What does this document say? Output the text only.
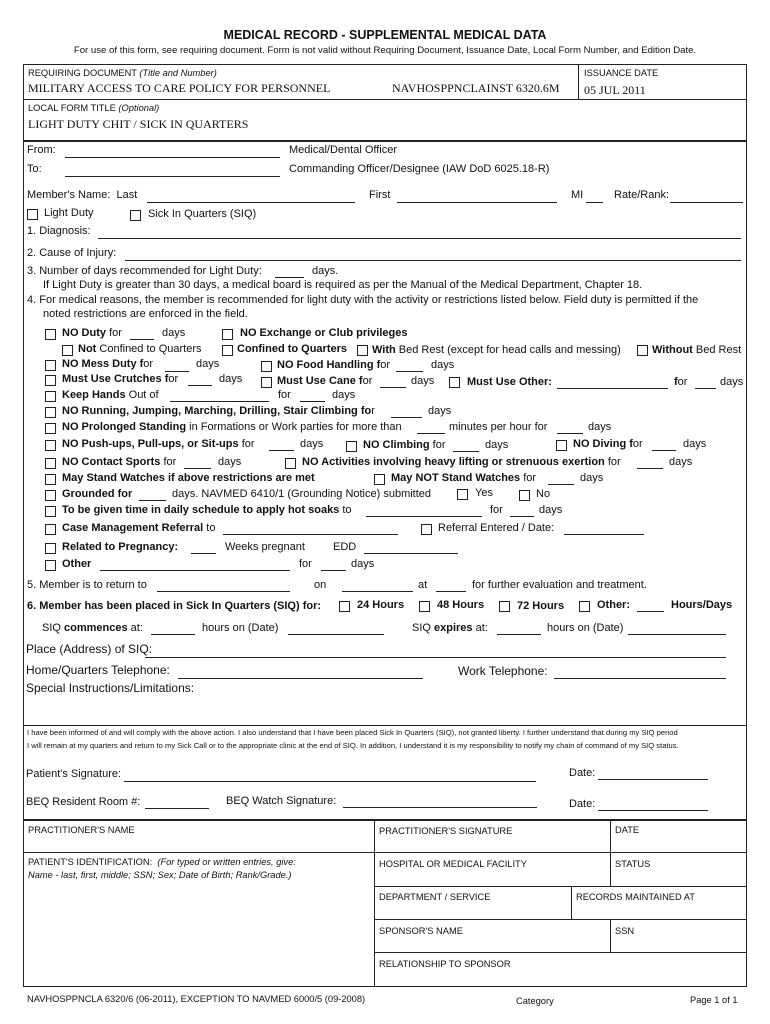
MEDICAL RECORD - SUPPLEMENTAL MEDICAL DATA
For use of this form, see requiring document. Form is not valid without Requiring Document, Issuance Date, Local Form Number, and Edition Date.
REQUIRING DOCUMENT (Title and Number)
MILITARY ACCESS TO CARE POLICY FOR PERSONNEL	NAVHOSPPNCLAINST 6320.6M
ISSUANCE DATE
05 JUL 2011
LOCAL FORM TITLE (Optional)
LIGHT DUTY CHIT / SICK IN QUARTERS
From:	Medical/Dental Officer
To:	Commanding Officer/Designee (IAW DoD 6025.18-R)
Member's Name: Last	First	MI	Rate/Rank:
Light Duty	Sick In Quarters (SIQ)
1. Diagnosis:
2. Cause of Injury:
3. Number of days recommended for Light Duty:	days.
If Light Duty is greater than 30 days, a medical board is required as per the Manual of the Medical Department, Chapter 18.
4. For medical reasons, the member is recommended for light duty with the activity or restrictions listed below. Field duty is permitted if the
noted restrictions are enforced in the field.
NO Duty for	days	NO Exchange or Club privileges
Not Confined to Quarters	Confined to Quarters With Bed Rest (except for head calls and messing)	Without Bed Rest
NO Mess Duty for	days	NO Food Handling for	days
Must Use Crutches for	days	Must Use Cane for	days	Must Use Other:	for	days
Keep Hands Out of	for	days
NO Running, Jumping, Marching, Drilling, Stair Climbing for	days
NO Prolonged Standing in Formations or Work parties for more than	minutes per hour for	days
NO Push-ups, Pull-ups, or Sit-ups for	days	NO Climbing for	days	NO Diving for	days
NO Contact Sports for	days	NO Activities involving heavy lifting or strenuous exertion for	days
May Stand Watches if above restrictions are met	May NOT Stand Watches for	days
Grounded for	days. NAVMED 6410/1 (Grounding Notice) submitted	Yes	No
To be given time in daily schedule to apply hot soaks to	for	days
Case Management Referral to	Referral Entered / Date:
Related to Pregnancy:	Weeks pregnant	EDD
Other	for	days
5. Member is to return to	on	at	for further evaluation and treatment.
6. Member has been placed in Sick In Quarters (SIQ) for:	24 Hours	48 Hours	72 Hours	Other:	Hours/Days
SIQ commences at:	hours on (Date)	SIQ expires at:	hours on (Date)
Place (Address) of SIQ:
Home/Quarters Telephone:	Work Telephone:
Special Instructions/Limitations:
I have been informed of and will comply with the above action. I also understand that I have been placed Sick In Quarters (SIQ), not granted liberty. I further understand that during my SIQ period
I will remain at my quarters and return to my Sick Call or to the appropriate clinic at the end of SIQ. In addition, I understand it is my responsibility to notify my chain of command of my SIQ status.
Patient's Signature:	Date:
BEQ Resident Room #:	BEQ Watch Signature:	Date:
PRACTITIONER'S NAME	PRACTITIONER'S SIGNATURE	DATE
PATIENT'S IDENTIFICATION: (For typed or written entries, give:
Name - last, first, middle; SSN; Sex; Date of Birth; Rank/Grade.)
HOSPITAL OR MEDICAL FACILITY	STATUS
DEPARTMENT / SERVICE	RECORDS MAINTAINED AT
SPONSOR'S NAME	SSN
RELATIONSHIP TO SPONSOR
NAVHOSPPNCLA 6320/6 (06-2011), EXCEPTION TO NAVMED 6000/5 (09-2008)	Category	Page 1 of 1
